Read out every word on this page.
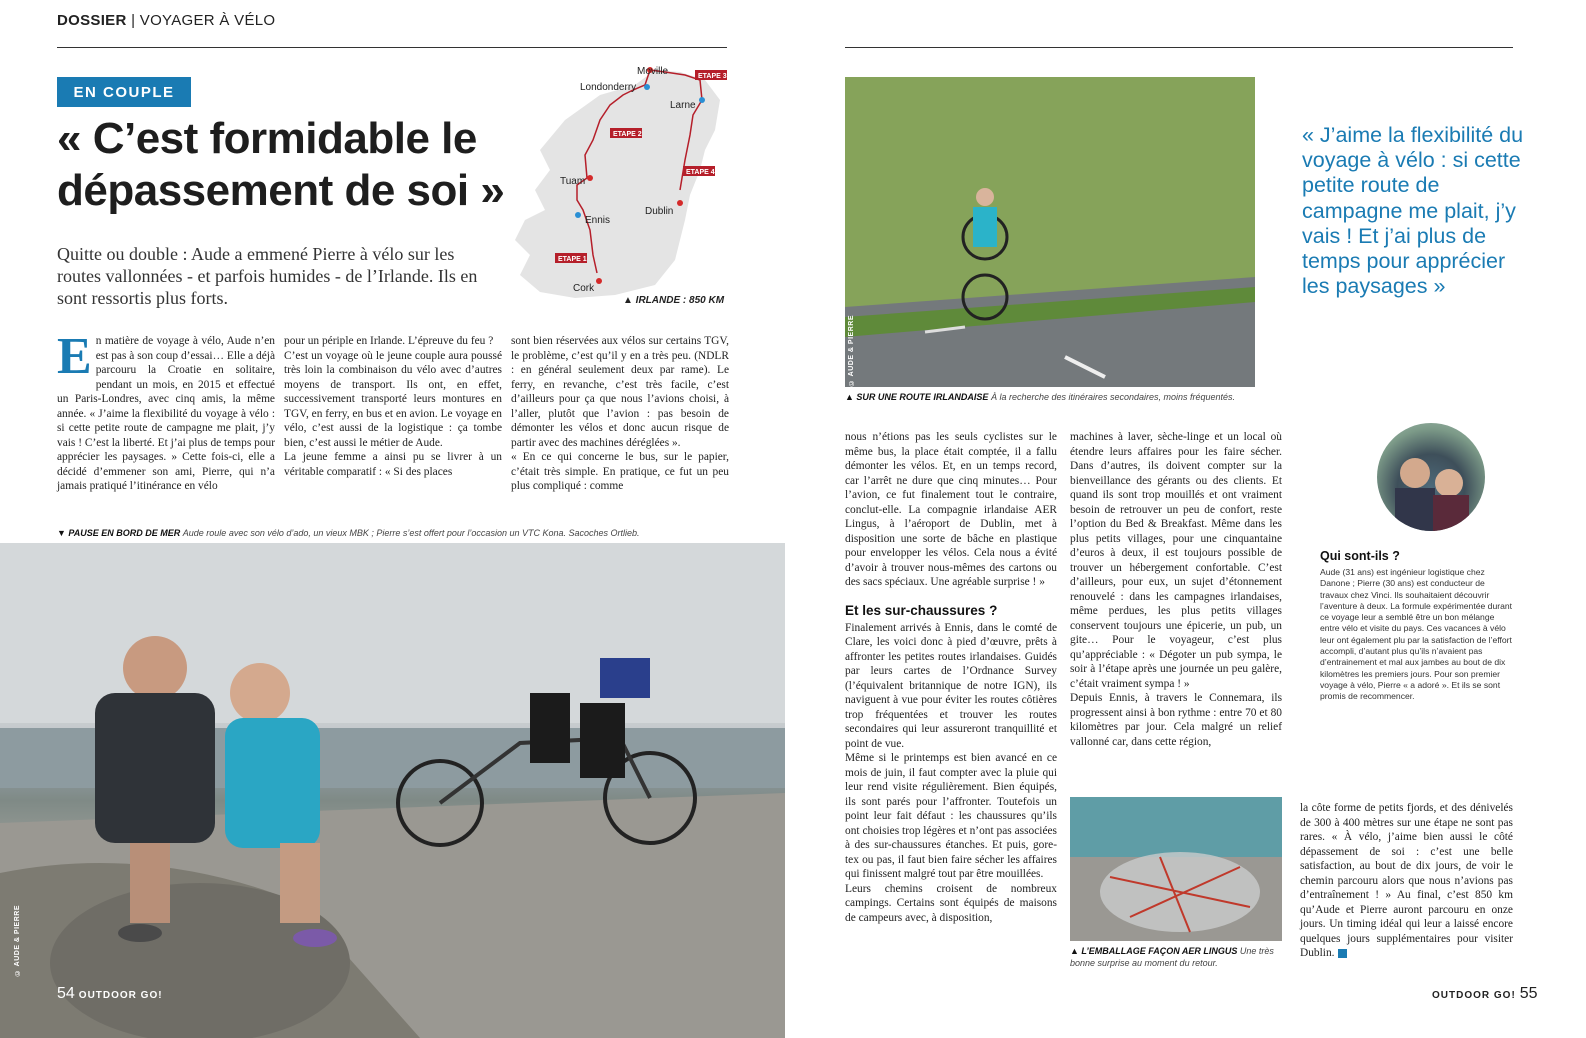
DOSSIER | VOYAGER À VÉLO
EN COUPLE
« C’est formidable le dépassement de soi »

Quitte ou double : Aude a emmené Pierre à vélo sur les routes vallonnées - et parfois humides - de l’Irlande. Ils en sont ressortis plus forts.

Moville
Londonderry
Larne
Tuam
Dublin
Ennis
Cork
ETAPE 1
ETAPE 2
ETAPE 3
ETAPE 4
▲ IRLANDE : 850 KM
E n matière de voyage à vélo, Aude n’en est pas à son coup d’essai… Elle a déjà parcouru la Croatie en solitaire, pendant un mois, en 2015 et effectué un Paris-Londres, avec cinq amis, la même année. « J’aime la flexibilité du voyage à vélo : si cette petite route de campagne me plait, j’y vais ! C’est la liberté. Et j’ai plus de temps pour apprécier les paysages. » Cette fois-ci, elle a décidé d’emmener son ami, Pierre, qui n’a jamais pratiqué l’itinérance en vélo

pour un périple en Irlande. L’épreuve du feu ?

C’est un voyage où le jeune couple aura poussé très loin la combinaison du vélo avec d’autres moyens de transport. Ils ont, en effet, successivement transporté leurs montures en TGV, en ferry, en bus et en avion. Le voyage en vélo, c’est aussi de la logistique : ça tombe bien, c’est aussi le métier de Aude.

La jeune femme a ainsi pu se livrer à un véritable comparatif : « Si des places

sont bien réservées aux vélos sur certains TGV, le problème, c’est qu’il y en a très peu. (NDLR : en général seulement deux par rame). Le ferry, en revanche, c’est très facile, c’est d’ailleurs pour ça que nous l’avions choisi, à l’aller, plutôt que l’avion : pas besoin de démonter les vélos et donc aucun risque de partir avec des machines déréglées ».

« En ce qui concerne le bus, sur le papier, c’était très simple. En pratique, ce fut un peu plus compliqué : comme

▼ PAUSE EN BORD DE MER Aude roule avec son vélo d’ado, un vieux MBK ; Pierre s’est offert pour l’occasion un VTC Kona. Sacoches Ortlieb.
© AUDE & PIERRE
54 OUTDOOR GO!
© AUDE & PIERRE
▲ SUR UNE ROUTE IRLANDAISE À la recherche des itinéraires secondaires, moins fréquentés.
« J’aime la flexibilité du voyage à vélo : si cette petite route de campagne me plait, j’y vais ! Et j’ai plus de temps pour apprécier les paysages »

nous n’étions pas les seuls cyclistes sur le même bus, la place était comptée, il a fallu démonter les vélos. Et, en un temps record, car l’arrêt ne dure que cinq minutes… Pour l’avion, ce fut finalement tout le contraire, conclut-elle. La compagnie irlandaise AER Lingus, à l’aéroport de Dublin, met à disposition une sorte de bâche en plastique pour envelopper les vélos. Cela nous a évité d’avoir à trouver nous-mêmes des cartons ou des sacs spéciaux. Une agréable surprise ! »

Et les sur-chaussures ?

Finalement arrivés à Ennis, dans le comté de Clare, les voici donc à pied d’œuvre, prêts à affronter les petites routes irlandaises. Guidés par leurs cartes de l’Ordnance Survey (l’équivalent britannique de notre IGN), ils naviguent à vue pour éviter les routes côtières trop fréquentées et trouver les routes secondaires qui leur assureront tranquillité et point de vue.

Même si le printemps est bien avancé en ce mois de juin, il faut compter avec la pluie qui leur rend visite régulièrement. Bien équipés, ils sont parés pour l’affronter. Toutefois un point leur fait défaut : les chaussures qu’ils ont choisies trop légères et n’ont pas associées à des sur-chaussures étanches. Et puis, gore-tex ou pas, il faut bien faire sécher les affaires qui finissent malgré tout par être mouillées.

Leurs chemins croisent de nombreux campings. Certains sont équipés de maisons de campeurs avec, à disposition,

machines à laver, sèche-linge et un local où étendre leurs affaires pour les faire sécher. Dans d’autres, ils doivent compter sur la bienveillance des gérants ou des clients. Et quand ils sont trop mouillés et ont vraiment besoin de retrouver un peu de confort, reste l’option du Bed & Breakfast. Même dans les plus petits villages, pour une cinquantaine d’euros à deux, il est toujours possible de trouver un hébergement confortable. C’est d’ailleurs, pour eux, un sujet d’étonnement renouvelé : dans les campagnes irlandaises, même perdues, les plus petits villages conservent toujours une épicerie, un pub, un gite… Pour le voyageur, c’est plus qu’appréciable : « Dégoter un pub sympa, le soir à l’étape après une journée un peu galère, c’était vraiment sympa ! »

Depuis Ennis, à travers le Connemara, ils progressent ainsi à bon rythme : entre 70 et 80 kilomètres par jour. Cela malgré un relief vallonné car, dans cette région,

▲ L’EMBALLAGE FAÇON AER LINGUS Une très bonne surprise au moment du retour.
Qui sont-ils ?
Aude (31 ans) est ingénieur logistique chez Danone ; Pierre (30 ans) est conducteur de travaux chez Vinci. Ils souhaitaient découvrir l’aventure à deux. La formule expérimentée durant ce voyage leur a semblé être un bon mélange entre vélo et visite du pays. Ces vacances à vélo leur ont également plu par la satisfaction de l’effort accompli, d’autant plus qu’ils n’avaient pas d’entrainement et mal aux jambes au bout de dix kilomètres les premiers jours. Pour son premier voyage à vélo, Pierre « a adoré ». Et ils se sont promis de recommencer.
la côte forme de petits fjords, et des dénivelés de 300 à 400 mètres sur une étape ne sont pas rares. « À vélo, j’aime bien aussi le côté dépassement de soi : c’est une belle satisfaction, au bout de dix jours, de voir le chemin parcouru alors que nous n’avions pas d’entraînement ! » Au final, c’est 850 km qu’Aude et Pierre auront parcouru en onze jours. Un timing idéal qui leur a laissé encore quelques jours supplémentaires pour visiter Dublin.
OUTDOOR GO! 55
